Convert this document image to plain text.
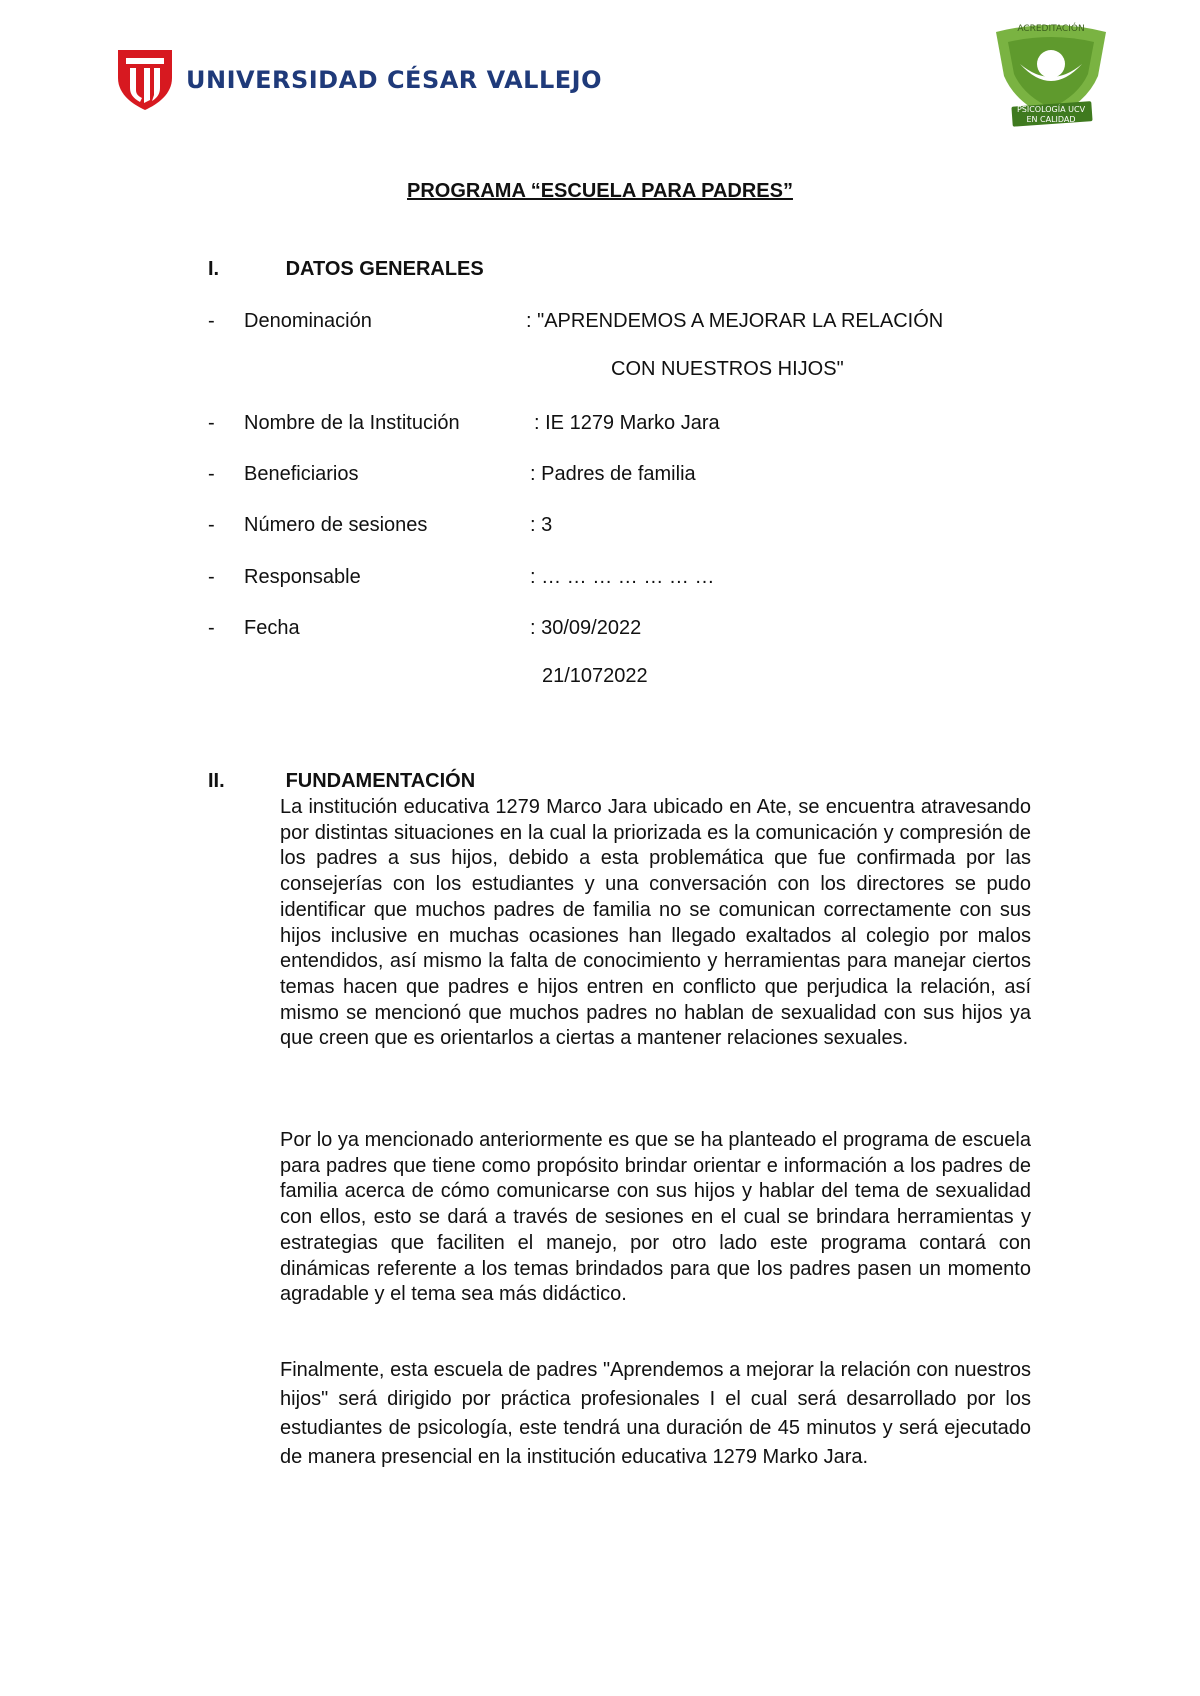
UNIVERSIDAD CÉSAR VALLEJO
ACREDITACIÓN
PSICOLOGÍA UCV
EN CALIDAD
PROGRAMA “ESCUELA PARA PADRES”
I.	DATOS GENERALES
-	Denominación	: "APRENDEMOS A MEJORAR LA RELACIÓN
CON NUESTROS HIJOS"
-	Nombre de la Institución	: IE 1279 Marko Jara
-	Beneficiarios	: Padres de familia
-	Número de sesiones	: 3
-	Responsable	: … … … … … … …
-	Fecha	: 30/09/2022
21/1072022
II.	FUNDAMENTACIÓN

La institución educativa 1279 Marco Jara ubicado en Ate, se encuentra atravesando por distintas situaciones en la cual la priorizada es la comunicación y compresión de los padres a sus hijos, debido a esta problemática que fue confirmada por las consejerías con los estudiantes y una conversación con los directores se pudo identificar que muchos padres de familia no se comunican correctamente con sus hijos inclusive en muchas ocasiones han llegado exaltados al colegio por malos entendidos, así mismo la falta de conocimiento y herramientas para manejar ciertos temas hacen que padres e hijos entren en conflicto que perjudica la relación, así mismo se mencionó que muchos padres no hablan de sexualidad con sus hijos ya que creen que es orientarlos a ciertas a mantener relaciones sexuales.

Por lo ya mencionado anteriormente es que se ha planteado el programa de escuela para padres que tiene como propósito brindar orientar e información a los padres de familia acerca de cómo comunicarse con sus hijos y hablar del tema de sexualidad con ellos, esto se dará a través de sesiones en el cual se brindara herramientas y estrategias que faciliten el manejo, por otro lado este programa contará con dinámicas referente a los temas brindados para que los padres pasen un momento agradable y el tema sea más didáctico.

Finalmente, esta escuela de padres "Aprendemos a mejorar la relación con nuestros hijos" será dirigido por práctica profesionales I el cual será desarrollado por los estudiantes de psicología, este tendrá una duración de 45 minutos y será ejecutado de manera presencial en la institución educativa 1279 Marko Jara.
